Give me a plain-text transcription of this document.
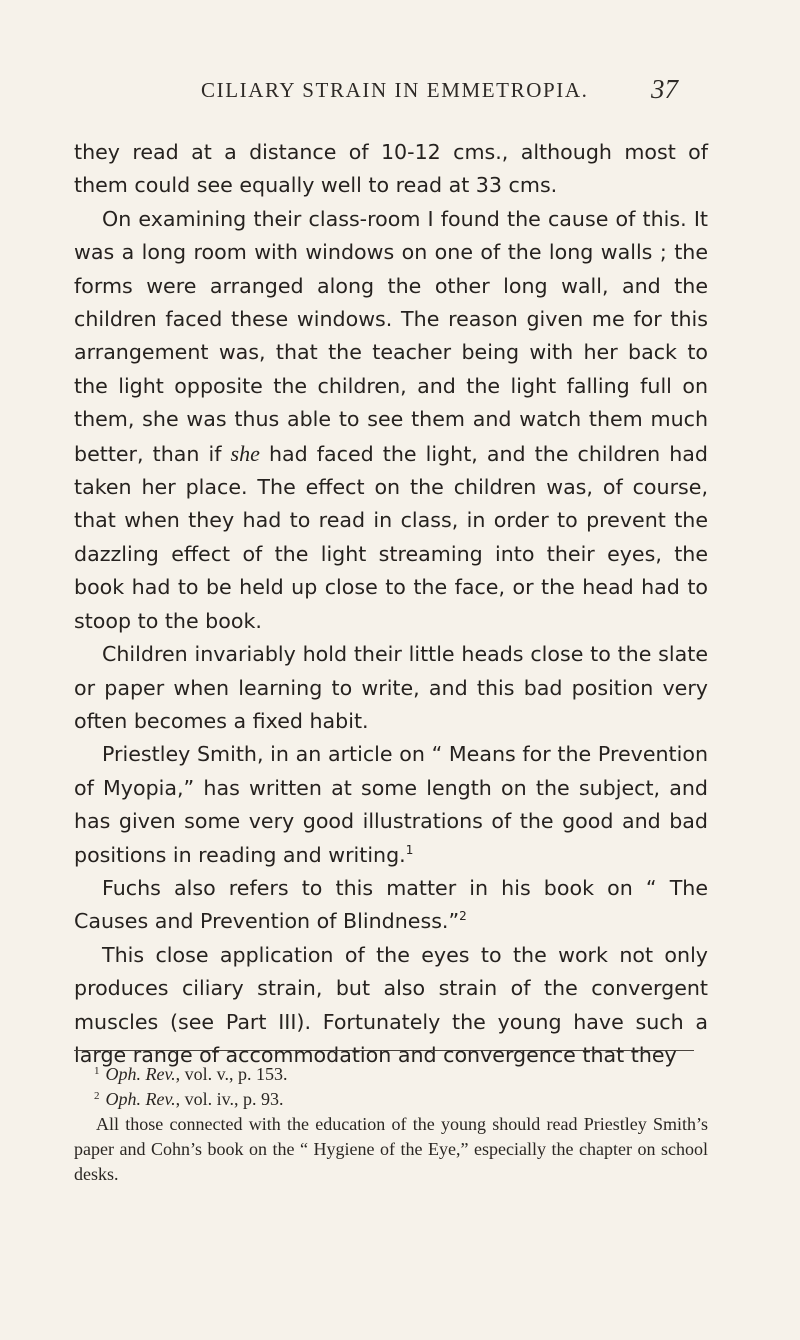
CILIARY STRAIN IN EMMETROPIA. 37

they read at a distance of 10-12 cms., although most of them could see equally well to read at 33 cms.

On examining their class-room I found the cause of this. It was a long room with windows on one of the long walls ; the forms were arranged along the other long wall, and the children faced these windows. The reason given me for this arrangement was, that the teacher being with her back to the light opposite the children, and the light falling full on them, she was thus able to see them and watch them much better, than if she had faced the light, and the children had taken her place. The effect on the children was, of course, that when they had to read in class, in order to prevent the dazzling effect of the light streaming into their eyes, the book had to be held up close to the face, or the head had to stoop to the book.

Children invariably hold their little heads close to the slate or paper when learning to write, and this bad position very often becomes a fixed habit.

Priestley Smith, in an article on “ Means for the Prevention of Myopia,” has written at some length on the subject, and has given some very good illustrations of the good and bad positions in reading and writing.$^1$

Fuchs also refers to this matter in his book on “ The Causes and Prevention of Blindness.”$^2$

This close application of the eyes to the work not only produces ciliary strain, but also strain of the convergent muscles (see Part III). Fortunately the young have such a large range of accommodation and convergence that they

$^1$ Oph. Rev., vol. v., p. 153.

$^2$ Oph. Rev., vol. iv., p. 93.

All those connected with the education of the young should read Priestley Smith’s paper and Cohn’s book on the “ Hygiene of the Eye,” especially the chapter on school desks.
